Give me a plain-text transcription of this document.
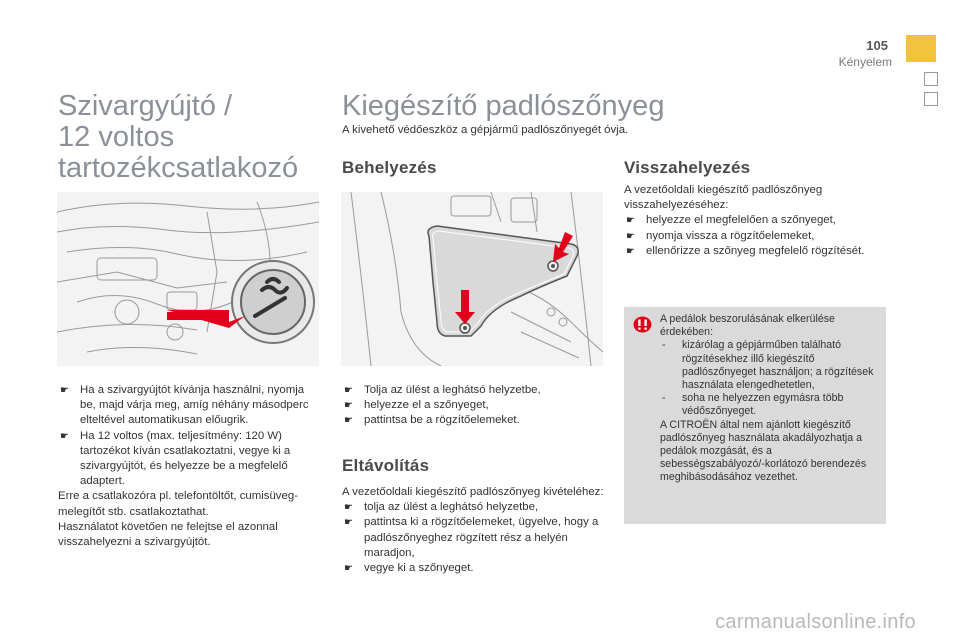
105
Kényelem
Szivargyújtó /
12 voltos
tartozékcsatlakozó
☛ Ha a szivargyújtót kívánja használni, nyomja be, majd várja meg, amíg néhány másodperc elteltével automatikusan előugrik.
☛ Ha 12 voltos (max. teljesítmény: 120 W) tartozékot kíván csatlakoztatni, vegye ki a szivargyújtót, és helyezze be a megfelelő adaptert.

Erre a csatlakozóra pl. telefontöltőt, cumisüveg-melegítőt stb. csatlakoztathat.

Használatot követően ne felejtse el azonnal visszahelyezni a szivargyújtót.

Kiegészítő padlószőnyeg
A kivehető védőeszköz a gépjármű padlószőnyegét óvja.
Behelyezés
☛ Tolja az ülést a leghátsó helyzetbe,
☛ helyezze el a szőnyeget,
☛ pattintsa be a rögzítőelemeket.
Eltávolítás

A vezetőoldali kiegészítő padlószőnyeg kivételéhez:

☛ tolja az ülést a leghátsó helyzetbe,
☛ pattintsa ki a rögzítőelemeket, ügyelve, hogy a padlószőnyeghez rögzített rész a helyén maradjon,
☛ vegye ki a szőnyeget.
Visszahelyezés

A vezetőoldali kiegészítő padlószőnyeg visszahelyezéséhez:

☛ helyezze el megfelelően a szőnyeget,
☛ nyomja vissza a rögzítőelemeket,
☛ ellenőrizze a szőnyeg megfelelő rögzítését.
A pedálok beszorulásának elkerülése érdekében:
- kizárólag a gépjárműben található rögzítésekhez illő kiegészítő padlószőnyeget használjon; a rögzítések használata elengedhetetlen,
- soha ne helyezzen egymásra több védőszőnyeget.
A CITROËN által nem ajánlott kiegészítő padlószőnyeg használata akadályozhatja a pedálok mozgását, és a sebességszabályozó/-korlátozó berendezés meghibásodásához vezethet.
carmanualsonline.info
